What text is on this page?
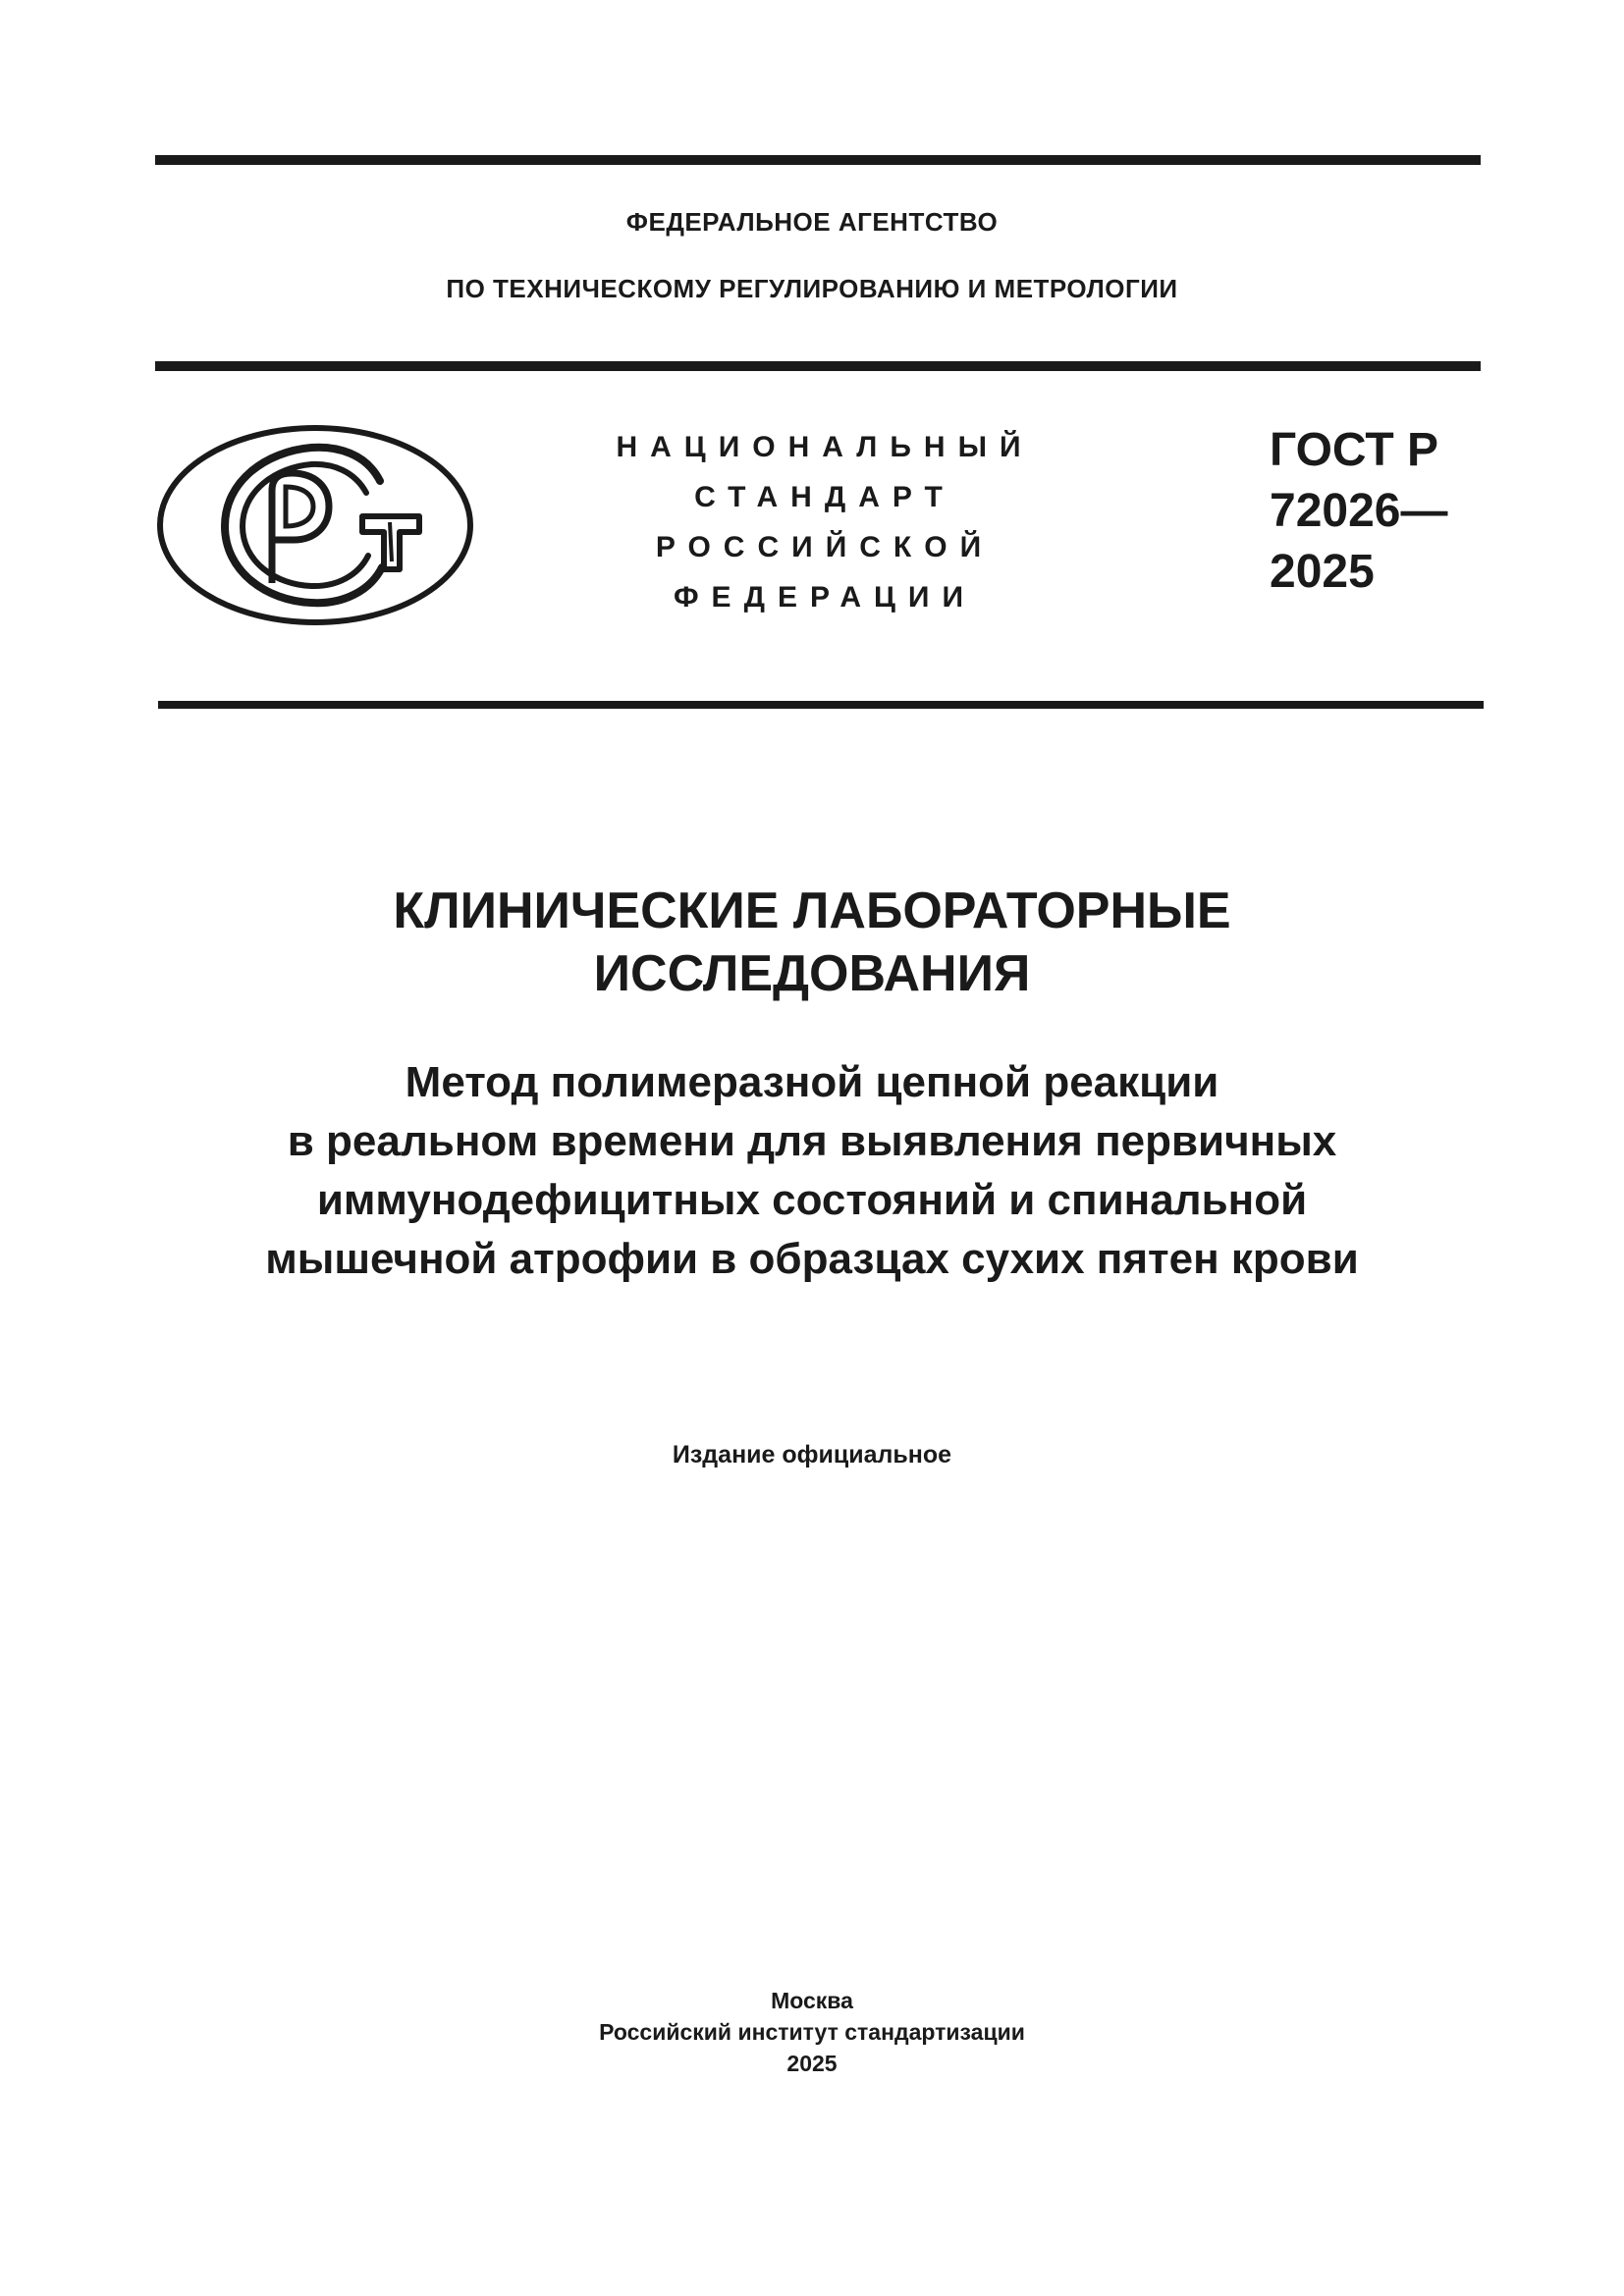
ФЕДЕРАЛЬНОЕ АГЕНТСТВО
ПО ТЕХНИЧЕСКОМУ РЕГУЛИРОВАНИЮ И МЕТРОЛОГИИ
НАЦИОНАЛЬНЫЙ
СТАНДАРТ
РОССИЙСКОЙ
ФЕДЕРАЦИИ
ГОСТ Р
72026—
2025
КЛИНИЧЕСКИЕ ЛАБОРАТОРНЫЕ
ИССЛЕДОВАНИЯ
Метод полимеразной цепной реакции
в реальном времени для выявления первичных
иммунодефицитных состояний и спинальной
мышечной атрофии в образцах сухих пятен крови
Издание официальное
Москва
Российский институт стандартизации
2025
